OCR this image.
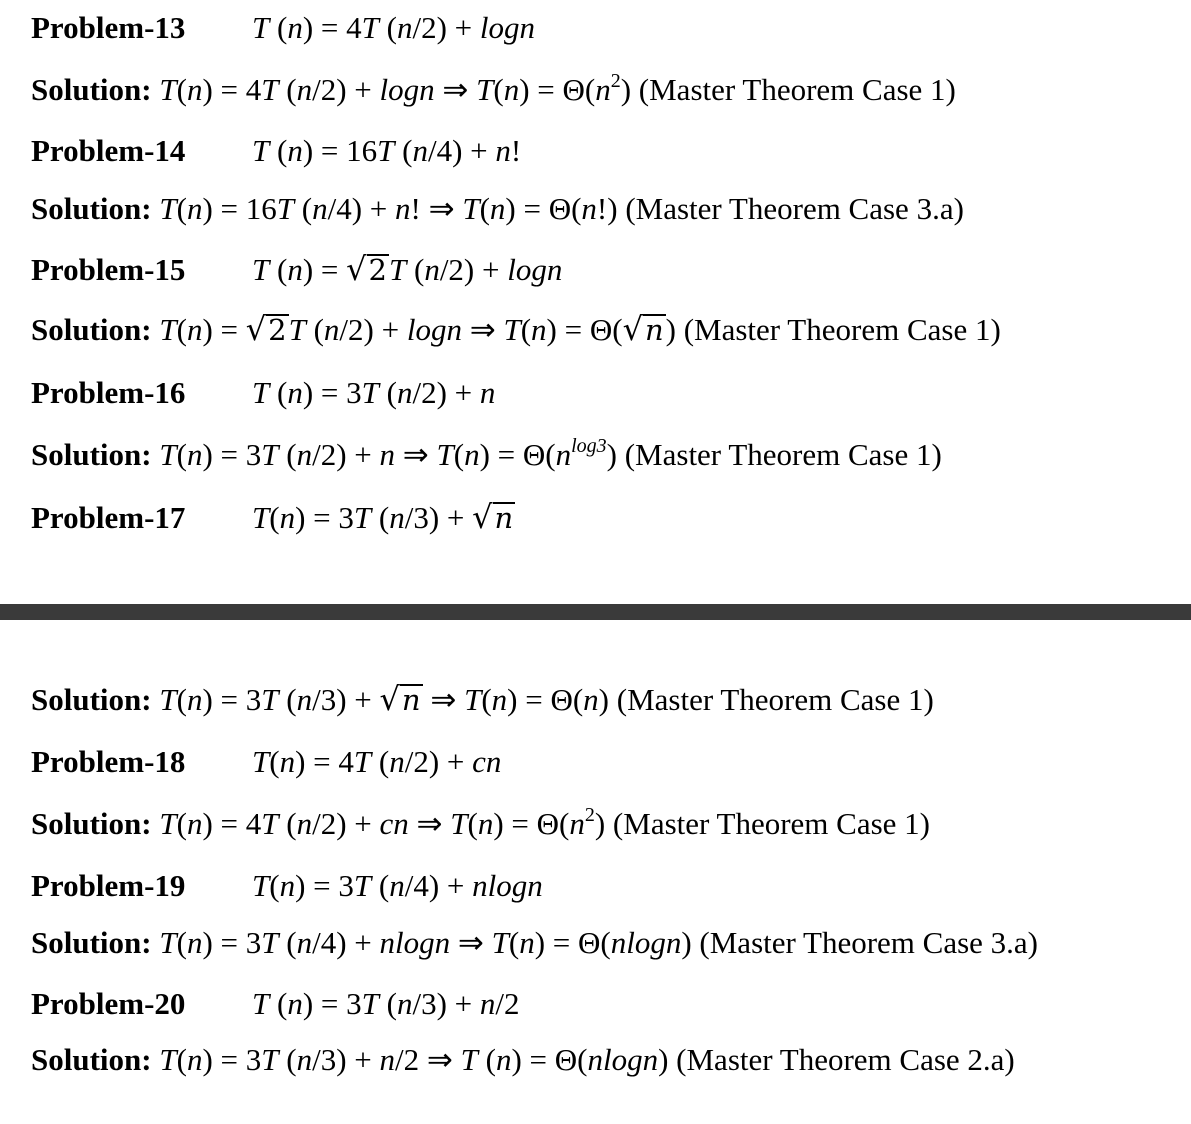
Problem-13 T (n) = 4T (n/2) + logn
Solution: T(n) = 4T (n/2) + logn ⇒ $T(n) = \Theta(n^2)$ (Master Theorem Case 1)
Problem-14 T (n) = 16T (n/4) + n!
Solution: T(n) = 16T (n/4) + n! ⇒ T(n) = Θ(n!) (Master Theorem Case 3.a)
Problem-15 T (n) = √2T (n/2) + logn
Solution: T(n) = √2T (n/2) + logn ⇒ T(n) = Θ(√n) (Master Theorem Case 1)
Problem-16 T (n) = 3T (n/2) + n
Solution: T(n) = 3T (n/2) + n ⇒ $T(n) = \Theta(n^{log3})$ (Master Theorem Case 1)
Problem-17 T(n) = 3T (n/3) + √n
Solution: T(n) = 3T (n/3) + √n ⇒ T(n) = Θ(n) (Master Theorem Case 1)
Problem-18 T(n) = 4T (n/2) + cn
Solution: T(n) = 4T (n/2) + cn ⇒ $T(n) = \Theta(n^2)$ (Master Theorem Case 1)
Problem-19 T(n) = 3T (n/4) + nlogn
Solution: T(n) = 3T (n/4) + nlogn ⇒ T(n) = Θ(nlogn) (Master Theorem Case 3.a)
Problem-20 T (n) = 3T (n/3) + n/2
Solution: T(n) = 3T (n/3) + n/2 ⇒ T (n) = Θ(nlogn) (Master Theorem Case 2.a)
